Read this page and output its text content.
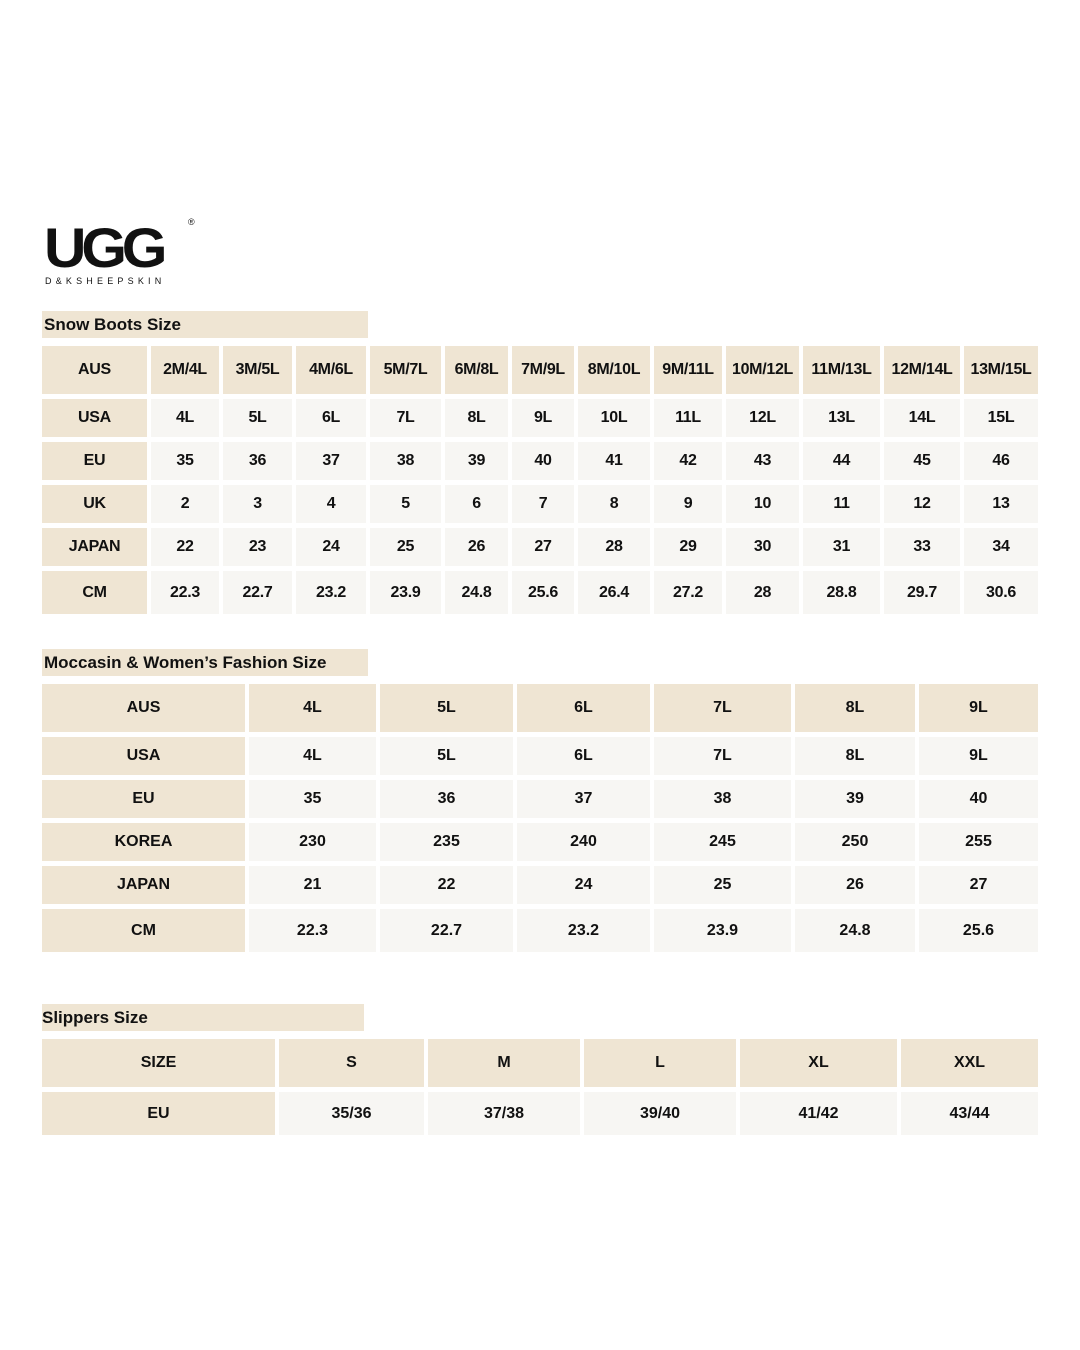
UGG	®
D&KSHEEPSKIN
Snow Boots Size
AUS	2M/4L	3M/5L	4M/6L	5M/7L	6M/8L	7M/9L	8M/10L	9M/11L	10M/12L	11M/13L	12M/14L	13M/15L
USA	4L	5L	6L	7L	8L	9L	10L	11L	12L	13L	14L	15L
EU	35	36	37	38	39	40	41	42	43	44	45	46
UK	2	3	4	5	6	7	8	9	10	11	12	13
JAPAN	22	23	24	25	26	27	28	29	30	31	33	34
CM	22.3	22.7	23.2	23.9	24.8	25.6	26.4	27.2	28	28.8	29.7	30.6
Moccasin & Women’s Fashion Size
AUS	4L	5L	6L	7L	8L	9L
USA	4L	5L	6L	7L	8L	9L
EU	35	36	37	38	39	40
KOREA	230	235	240	245	250	255
JAPAN	21	22	24	25	26	27
CM	22.3	22.7	23.2	23.9	24.8	25.6
Slippers Size
SIZE	S	M	L	XL	XXL
EU	35/36	37/38	39/40	41/42	43/44
